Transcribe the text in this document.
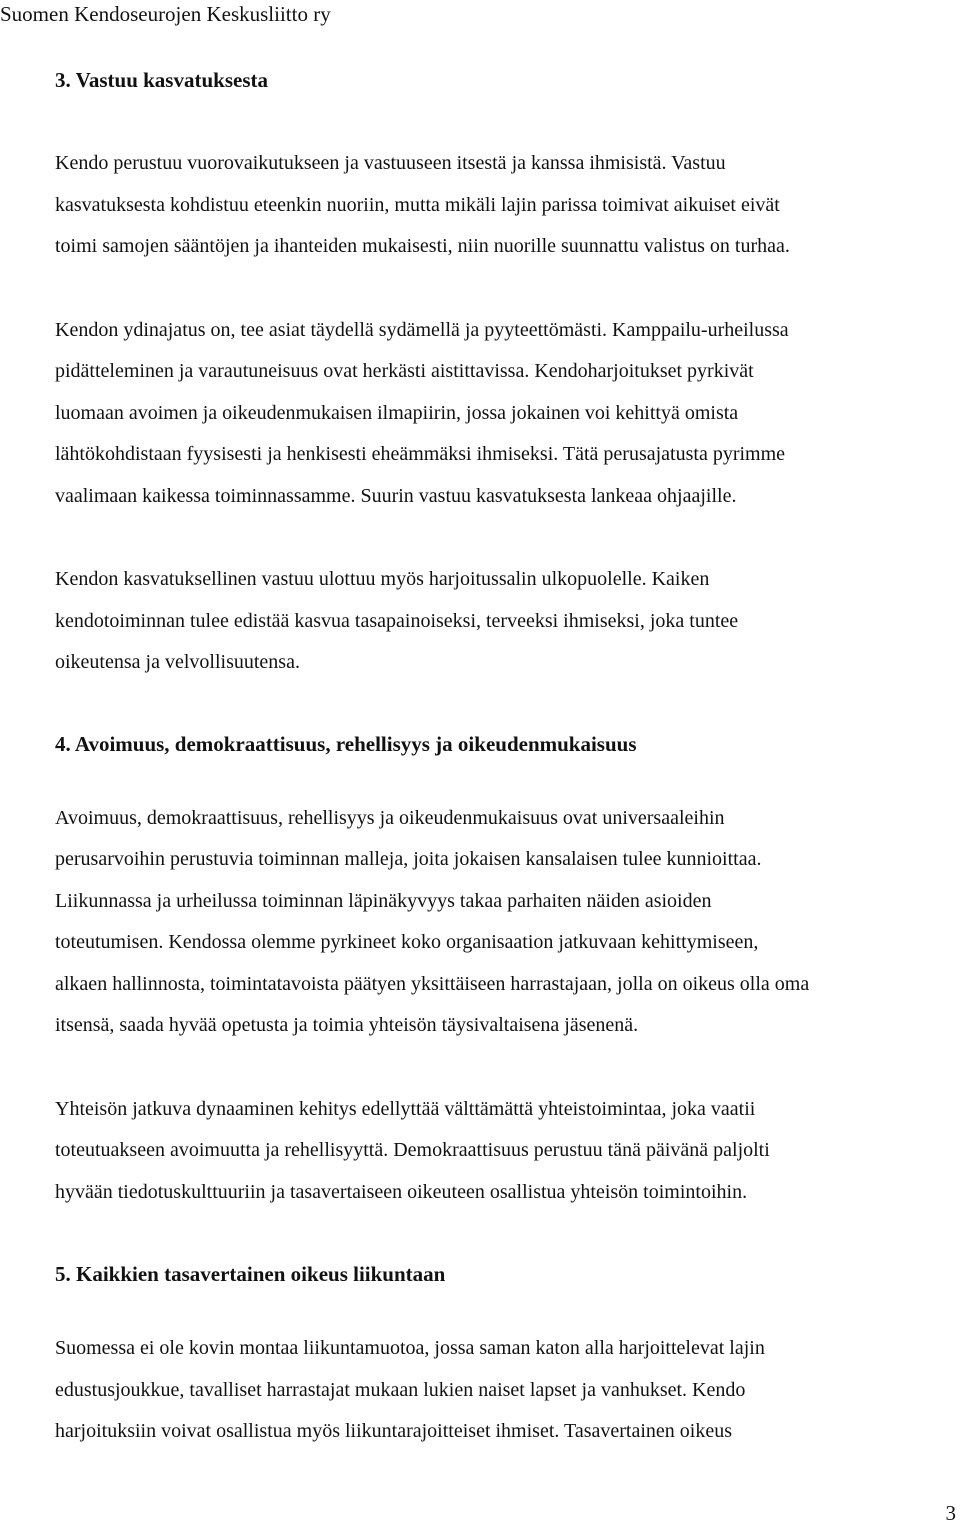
Suomen Kendoseurojen Keskusliitto ry
3. Vastuu kasvatuksesta

Kendo perustuu vuorovaikutukseen ja vastuuseen itsestä ja kanssa ihmisistä. Vastuu
kasvatuksesta kohdistuu eteenkin nuoriin, mutta mikäli lajin parissa toimivat aikuiset eivät
toimi samojen sääntöjen ja ihanteiden mukaisesti, niin nuorille suunnattu valistus on turhaa.

Kendon ydinajatus on, tee asiat täydellä sydämellä ja pyyteettömästi. Kamppailu-urheilussa
pidätteleminen ja varautuneisuus ovat herkästi aistittavissa. Kendoharjoitukset pyrkivät
luomaan avoimen ja oikeudenmukaisen ilmapiirin, jossa jokainen voi kehittyä omista
lähtökohdistaan fyysisesti ja henkisesti eheämmäksi ihmiseksi. Tätä perusajatusta pyrimme
vaalimaan kaikessa toiminnassamme. Suurin vastuu kasvatuksesta lankeaa ohjaajille.

Kendon kasvatuksellinen vastuu ulottuu myös harjoitussalin ulkopuolelle. Kaiken
kendotoiminnan tulee edistää kasvua tasapainoiseksi, terveeksi ihmiseksi, joka tuntee
oikeutensa ja velvollisuutensa.

4. Avoimuus, demokraattisuus, rehellisyys ja oikeudenmukaisuus

Avoimuus, demokraattisuus, rehellisyys ja oikeudenmukaisuus ovat universaaleihin
perusarvoihin perustuvia toiminnan malleja, joita jokaisen kansalaisen tulee kunnioittaa.
Liikunnassa ja urheilussa toiminnan läpinäkyvyys takaa parhaiten näiden asioiden
toteutumisen. Kendossa olemme pyrkineet koko organisaation jatkuvaan kehittymiseen,
alkaen hallinnosta, toimintatavoista päätyen yksittäiseen harrastajaan, jolla on oikeus olla oma
itsensä, saada hyvää opetusta ja toimia yhteisön täysivaltaisena jäsenenä.

Yhteisön jatkuva dynaaminen kehitys edellyttää välttämättä yhteistoimintaa, joka vaatii
toteutuakseen avoimuutta ja rehellisyyttä. Demokraattisuus perustuu tänä päivänä paljolti
hyvään tiedotuskulttuuriin ja tasavertaiseen oikeuteen osallistua yhteisön toimintoihin.

5. Kaikkien tasavertainen oikeus liikuntaan

Suomessa ei ole kovin montaa liikuntamuotoa, jossa saman katon alla harjoittelevat lajin
edustusjoukkue, tavalliset harrastajat mukaan lukien naiset lapset ja vanhukset. Kendo
harjoituksiin voivat osallistua myös liikuntarajoitteiset ihmiset. Tasavertainen oikeus

3
